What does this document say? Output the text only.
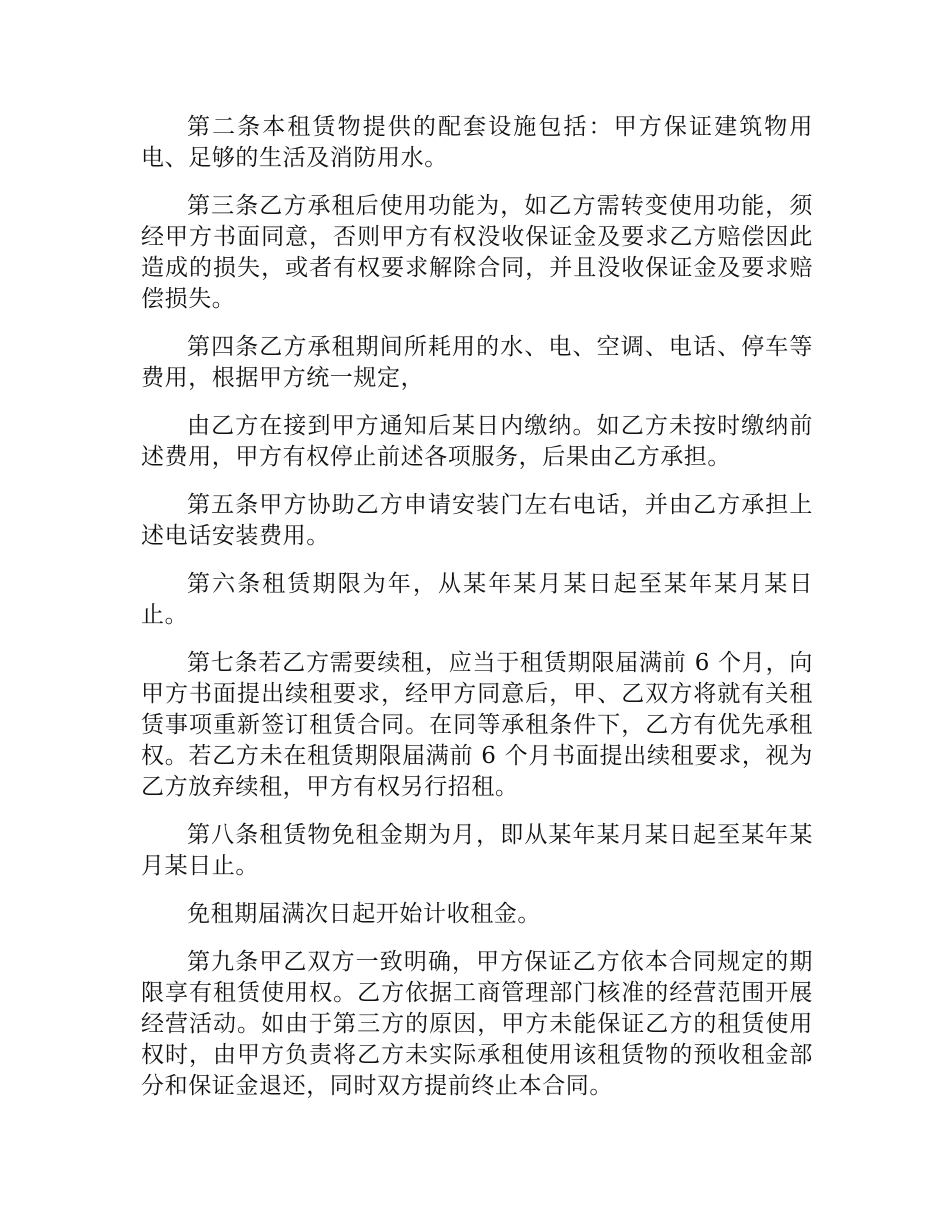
第二条本租赁物提供的配套设施包括：甲方保证建筑物用电、足够的生活及消防用水。

第三条乙方承租后使用功能为，如乙方需转变使用功能，须经甲方书面同意，否则甲方有权没收保证金及要求乙方赔偿因此造成的损失，或者有权要求解除合同，并且没收保证金及要求赔偿损失。

第四条乙方承租期间所耗用的水、电、空调、电话、停车等费用，根据甲方统一规定，

由乙方在接到甲方通知后某日内缴纳。如乙方未按时缴纳前述费用，甲方有权停止前述各项服务，后果由乙方承担。

第五条甲方协助乙方申请安装门左右电话，并由乙方承担上述电话安装费用。

第六条租赁期限为年，从某年某月某日起至某年某月某日止。

第七条若乙方需要续租，应当于租赁期限届满前 6 个月，向甲方书面提出续租要求，经甲方同意后，甲、乙双方将就有关租赁事项重新签订租赁合同。在同等承租条件下，乙方有优先承租权。若乙方未在租赁期限届满前 6 个月书面提出续租要求，视为乙方放弃续租，甲方有权另行招租。

第八条租赁物免租金期为月，即从某年某月某日起至某年某月某日止。

免租期届满次日起开始计收租金。

第九条甲乙双方一致明确，甲方保证乙方依本合同规定的期限享有租赁使用权。乙方依据工商管理部门核准的经营范围开展经营活动。如由于第三方的原因，甲方未能保证乙方的租赁使用权时，由甲方负责将乙方未实际承租使用该租赁物的预收租金部分和保证金退还，同时双方提前终止本合同。
